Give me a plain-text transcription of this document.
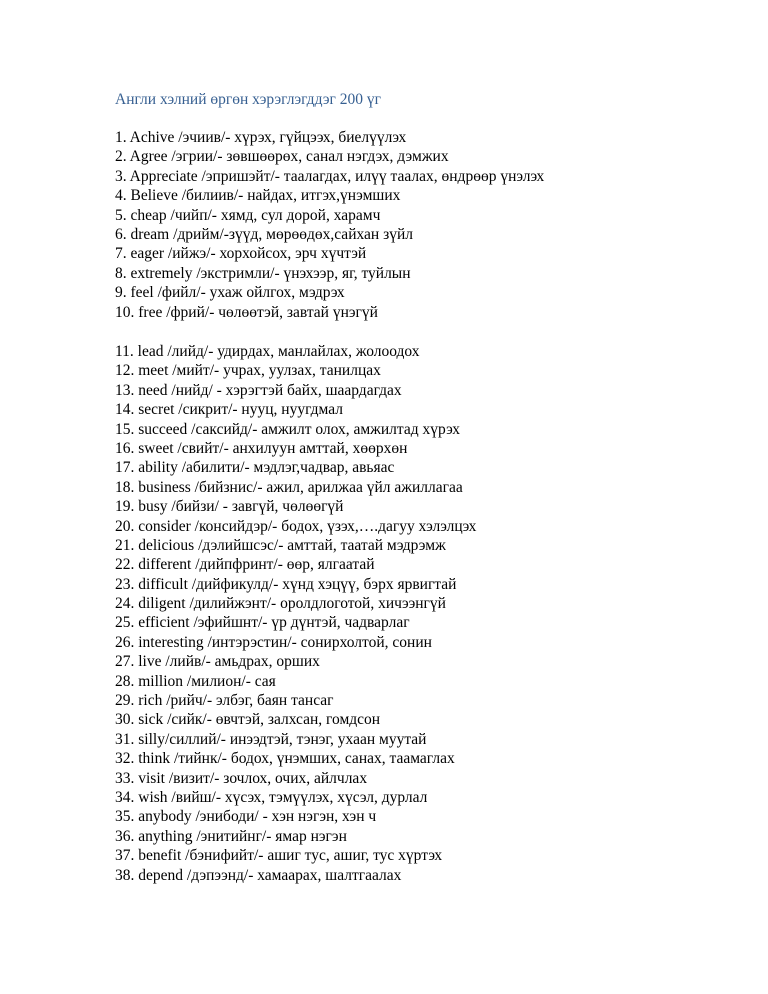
Англи хэлний өргөн хэрэглэгддэг 200 үг
1. Achive /эчиив/- хүрэх, гүйцээх, биелүүлэх
2. Agree /эгрии/- зөвшөөрөх, санал нэгдэх, дэмжих
3. Appreciate /эпришэйт/- таалагдах, илүү таалах, өндрөөр үнэлэх
4. Believe /билиив/- найдах, итгэх,үнэмших
5. cheap /чийп/- хямд, сул дорой, харамч
6. dream /дрийм/-зүүд, мөрөөдөх,сайхан зүйл
7. eager /ийжэ/- хорхойсох, эрч хүчтэй
8. extremely /экстримли/- үнэхээр, яг, туйлын
9. feel /фийл/- ухаж ойлгох, мэдрэх
10. free /фрий/- чөлөөтэй, завтай үнэгүй
11. lead /лийд/- удирдах, манлайлах, жолоодох
12. meet /мийт/- учрах, уулзах, танилцах
13. need /нийд/ - хэрэгтэй байх, шаардагдах
14. secret /сикрит/- нууц, нуугдмал
15. succeed /саксийд/- амжилт олох, амжилтад хүрэх
16. sweet /свийт/- анхилуун амттай, хөөрхөн
17. ability /абилити/- мэдлэг,чадвар, авьяас
18. business /бийзнис/- ажил, арилжаа үйл ажиллагаа
19. busy /бийзи/ - завгүй, чөлөөгүй
20. consider /консийдэр/- бодох, үзэх,….дагуу хэлэлцэх
21. delicious /дэлийшсэс/- амттай, таатай мэдрэмж
22. different /дийпфринт/- өөр, ялгаатай
23. difficult /дийфикулд/- хүнд хэцүү, бэрх ярвигтай
24. diligent /дилийжэнт/- оролдлоготой, хичээнгүй
25. efficient /эфийшнт/- үр дүнтэй, чадварлаг
26. interesting /интэрэстин/- сонирхолтой, сонин
27. live /лийв/- амьдрах, орших
28. million /милион/- сая
29. rich /рийч/- элбэг, баян тансаг
30. sick /сийк/- өвчтэй, залхсан, гомдсон
31. silly/силлий/- инээдтэй, тэнэг, ухаан муутай
32. think /тийнк/- бодох, үнэмших, санах, таамаглах
33. visit /визит/- зочлох, очих, айлчлах
34. wish /вийш/- хүсэх, тэмүүлэх, хүсэл, дурлал
35. anybody /энибоди/ - хэн нэгэн, хэн ч
36. anything /энитийнг/- ямар нэгэн
37. benefit /бэнифийт/- ашиг тус, ашиг, тус хүртэх
38. depend /дэпээнд/- хамаарах, шалтгаалах
